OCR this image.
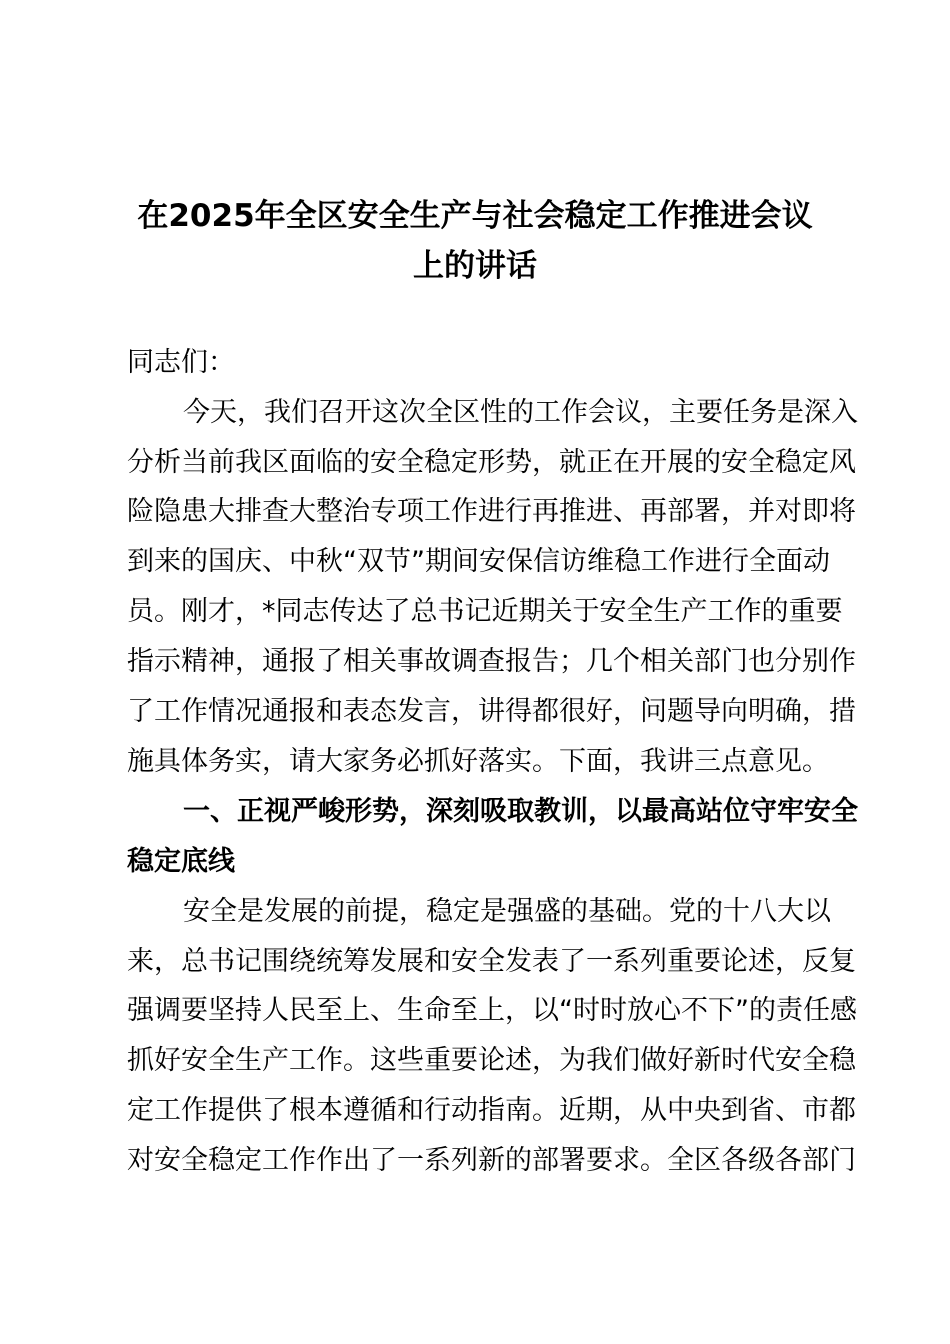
在2025年全区安全生产与社会稳定工作推进会议
上的讲话
同志们：
今天，我们召开这次全区性的工作会议，主要任务是深入
分析当前我区面临的安全稳定形势，就正在开展的安全稳定风
险隐患大排查大整治专项工作进行再推进、再部署，并对即将
到来的国庆、中秋“双节”期间安保信访维稳工作进行全面动
员。刚才，*同志传达了总书记近期关于安全生产工作的重要
指示精神，通报了相关事故调查报告；几个相关部门也分别作
了工作情况通报和表态发言，讲得都很好，问题导向明确，措
施具体务实，请大家务必抓好落实。下面，我讲三点意见。
一、正视严峻形势，深刻吸取教训，以最高站位守牢安全
稳定底线
安全是发展的前提，稳定是强盛的基础。党的十八大以
来，总书记围绕统筹发展和安全发表了一系列重要论述，反复
强调要坚持人民至上、生命至上，以“时时放心不下”的责任感
抓好安全生产工作。这些重要论述，为我们做好新时代安全稳
定工作提供了根本遵循和行动指南。近期，从中央到省、市都
对安全稳定工作作出了一系列新的部署要求。全区各级各部门
